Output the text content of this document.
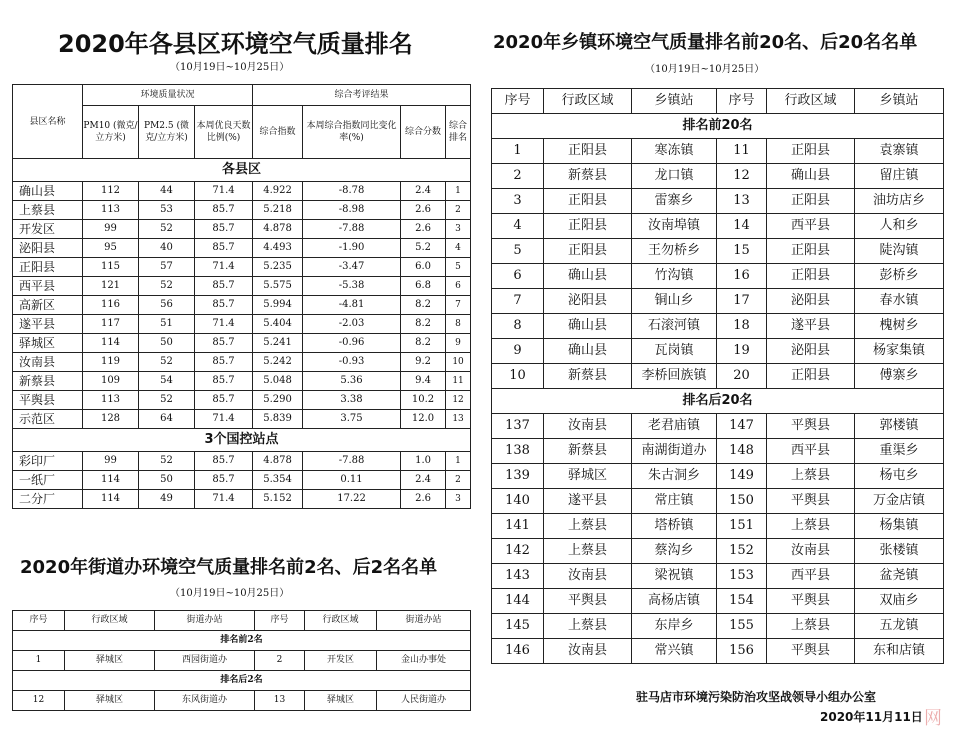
2020年各县区环境空气质量排名
（10月19日~10月25日）
县区名称	环境质量状况			综合考评结果			
	PM10 (微克/立方米)	PM2.5 (微克/立方米)	本周优良天数比例(%)	综合指数	本周综合指数同比变化率(%)	综合分数	综合排名
各县区							
确山县	112	44	71.4	4.922	-8.78	2.4	1
上蔡县	113	53	85.7	5.218	-8.98	2.6	2
开发区	99	52	85.7	4.878	-7.88	2.6	3
泌阳县	95	40	85.7	4.493	-1.90	5.2	4
正阳县	115	57	71.4	5.235	-3.47	6.0	5
西平县	121	52	85.7	5.575	-5.38	6.8	6
高新区	116	56	85.7	5.994	-4.81	8.2	7
遂平县	117	51	71.4	5.404	-2.03	8.2	8
驿城区	114	50	85.7	5.241	-0.96	8.2	9
汝南县	119	52	85.7	5.242	-0.93	9.2	10
新蔡县	109	54	85.7	5.048	5.36	9.4	11
平舆县	113	52	85.7	5.290	3.38	10.2	12
示范区	128	64	71.4	5.839	3.75	12.0	13
3个国控站点							
彩印厂	99	52	85.7	4.878	-7.88	1.0	1
一纸厂	114	50	85.7	5.354	0.11	2.4	2
二分厂	114	49	71.4	5.152	17.22	2.6	3
2020年街道办环境空气质量排名前2名、后2名名单
（10月19日~10月25日）
序号	行政区域	街道办站	序号	行政区域	街道办站
排名前2名					
1	驿城区	西园街道办	2	开发区	金山办事处
排名后2名					
12	驿城区	东风街道办	13	驿城区	人民街道办
2020年乡镇环境空气质量排名前20名、后20名名单
（10月19日~10月25日）
序号	行政区域	乡镇站	序号	行政区域	乡镇站
排名前20名					
1	正阳县	寒冻镇	11	正阳县	袁寨镇
2	新蔡县	龙口镇	12	确山县	留庄镇
3	正阳县	雷寨乡	13	正阳县	油坊店乡
4	正阳县	汝南埠镇	14	西平县	人和乡
5	正阳县	王勿桥乡	15	正阳县	陡沟镇
6	确山县	竹沟镇	16	正阳县	彭桥乡
7	泌阳县	铜山乡	17	泌阳县	春水镇
8	确山县	石滚河镇	18	遂平县	槐树乡
9	确山县	瓦岗镇	19	泌阳县	杨家集镇
10	新蔡县	李桥回族镇	20	正阳县	傅寨乡
排名后20名					
137	汝南县	老君庙镇	147	平舆县	郭楼镇
138	新蔡县	南湖街道办	148	西平县	重渠乡
139	驿城区	朱古洞乡	149	上蔡县	杨屯乡
140	遂平县	常庄镇	150	平舆县	万金店镇
141	上蔡县	塔桥镇	151	上蔡县	杨集镇
142	上蔡县	蔡沟乡	152	汝南县	张楼镇
143	汝南县	梁祝镇	153	西平县	盆尧镇
144	平舆县	高杨店镇	154	平舆县	双庙乡
145	上蔡县	东岸乡	155	上蔡县	五龙镇
146	汝南县	常兴镇	156	平舆县	东和店镇
驻马店市环境污染防治攻坚战领导小组办公室
2020年11月11日 网
